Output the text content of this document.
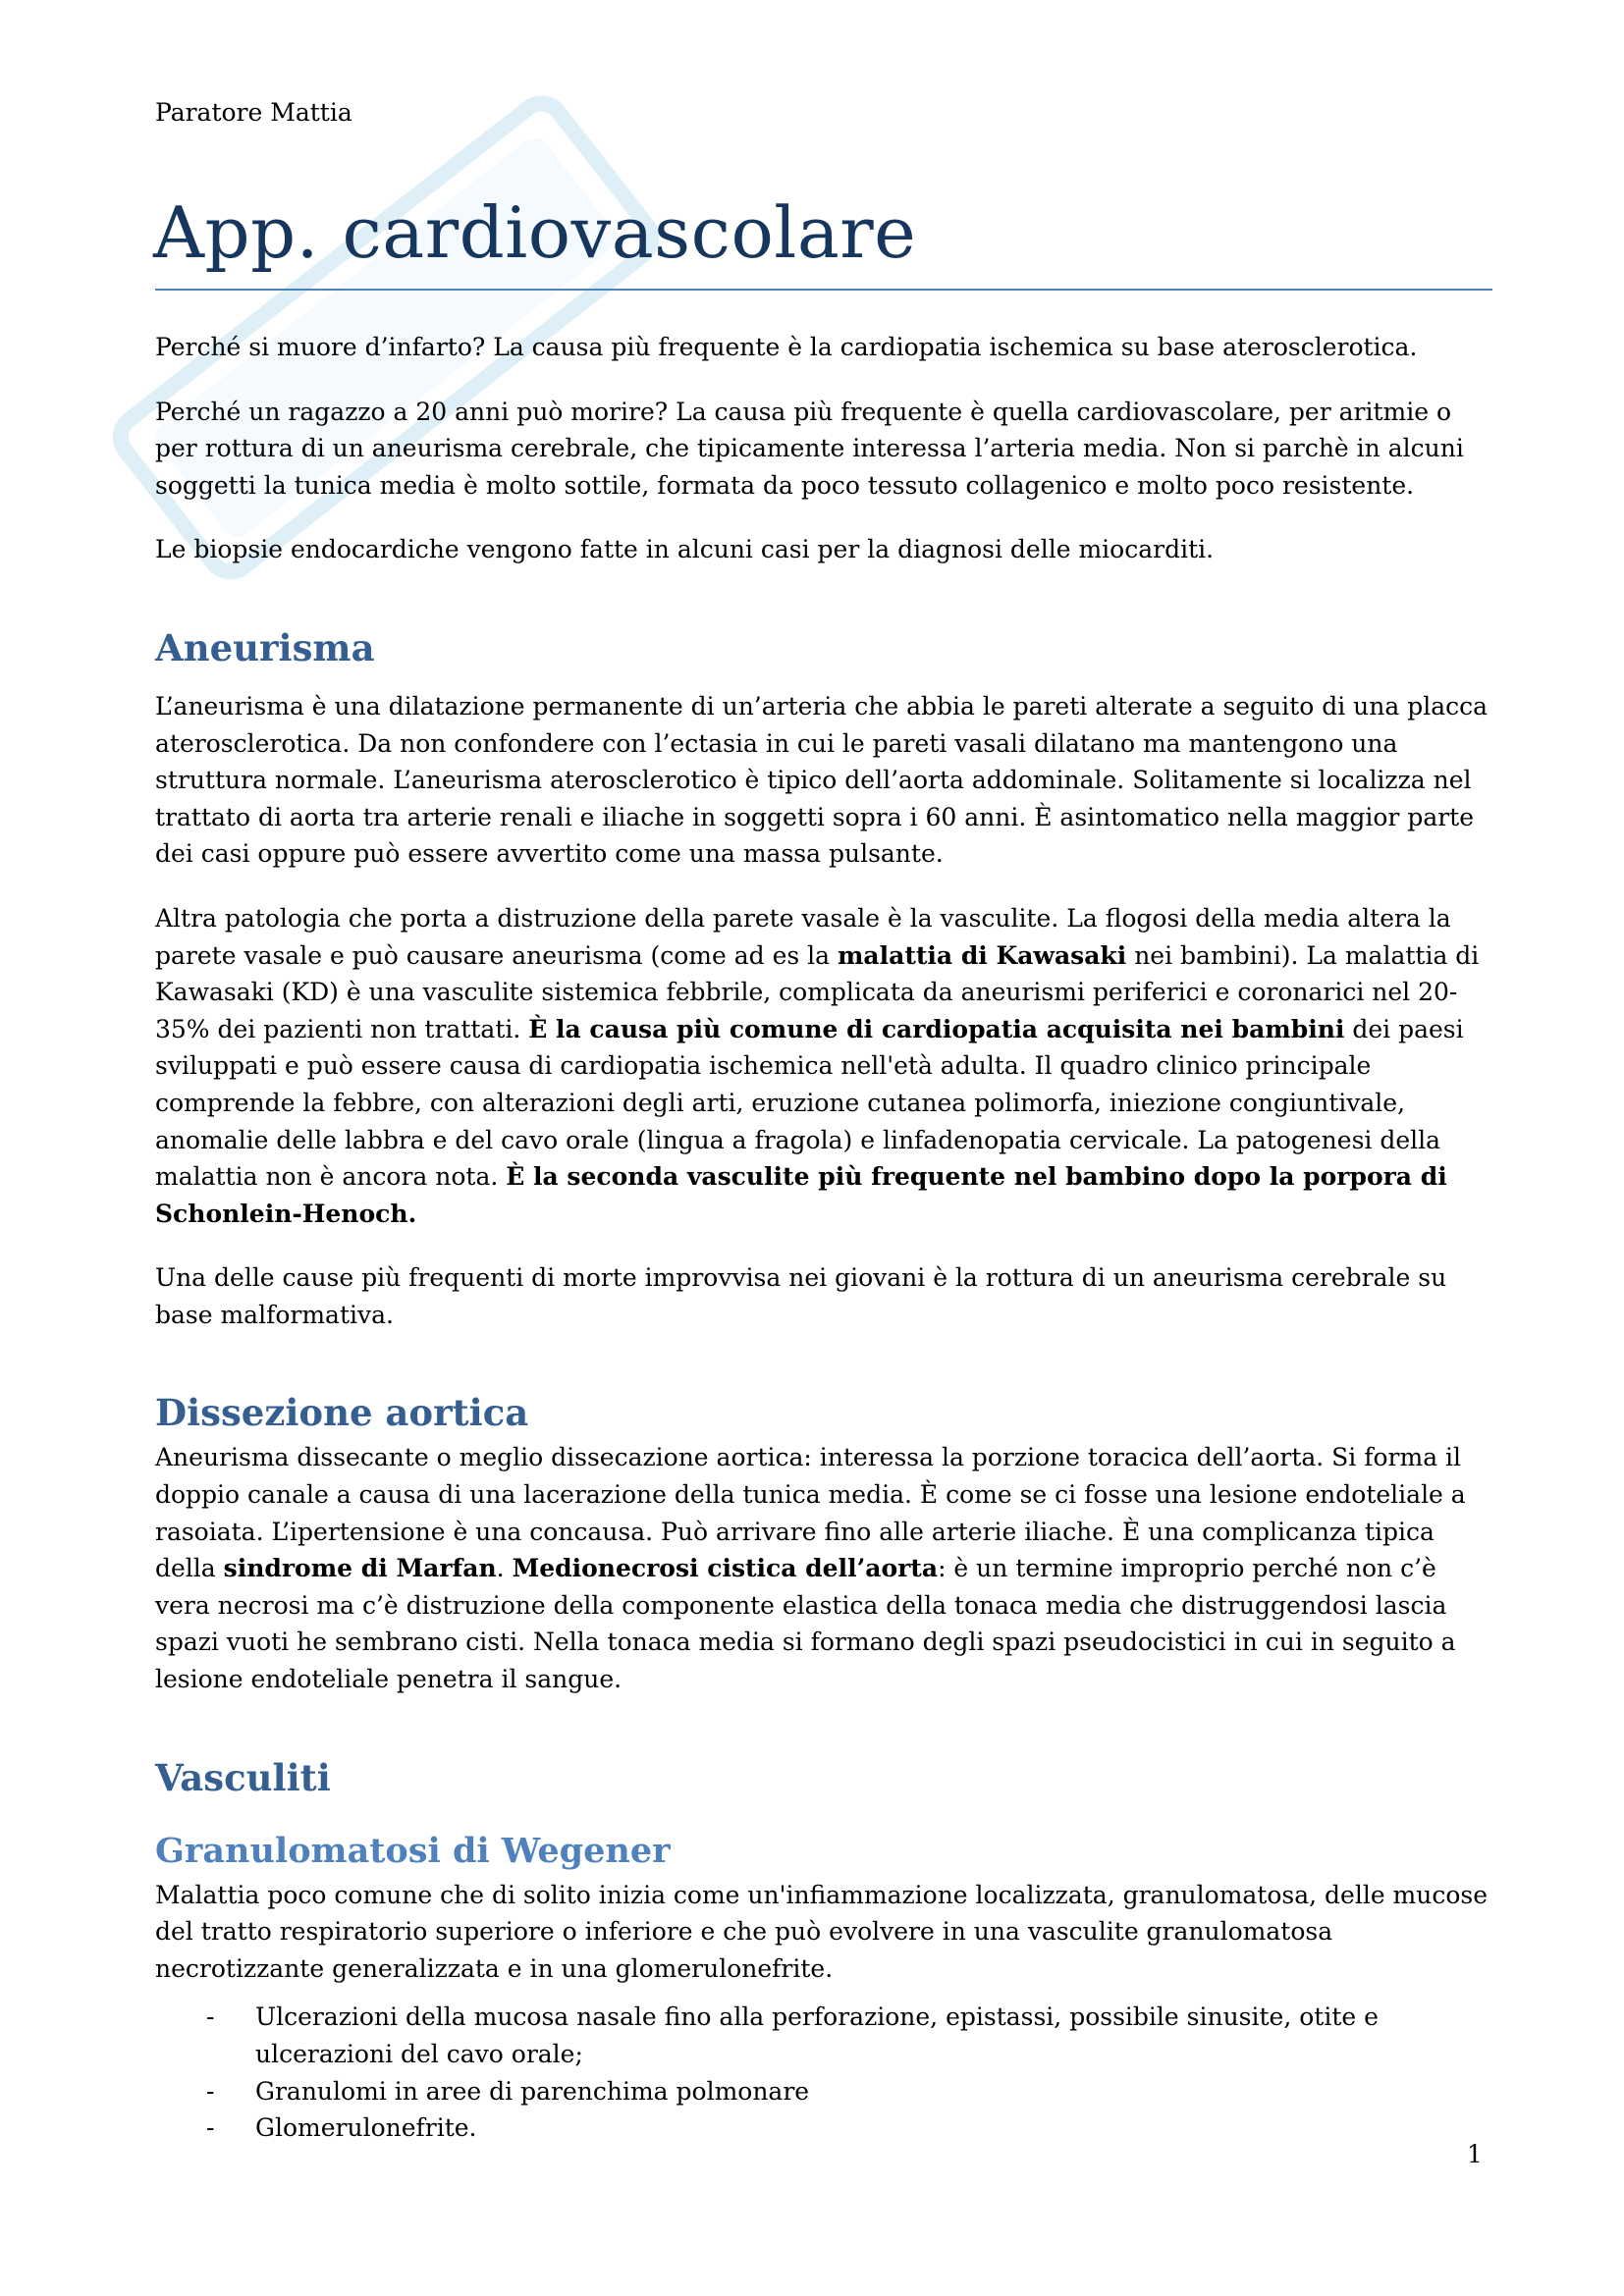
Paratore Mattia
App. cardiovascolare

Perché si muore d’infarto? La causa più frequente è la cardiopatia ischemica su base aterosclerotica.

Perché un ragazzo a 20 anni può morire? La causa più frequente è quella cardiovascolare, per aritmie o per rottura di un aneurisma cerebrale, che tipicamente interessa l’arteria media. Non si parchè in alcuni soggetti la tunica media è molto sottile, formata da poco tessuto collagenico e molto poco resistente.

Le biopsie endocardiche vengono fatte in alcuni casi per la diagnosi delle miocarditi.

Aneurisma

L’aneurisma è una dilatazione permanente di un’arteria che abbia le pareti alterate a seguito di una placca aterosclerotica. Da non confondere con l’ectasia in cui le pareti vasali dilatano ma mantengono una struttura normale. L’aneurisma aterosclerotico è tipico dell’aorta addominale. Solitamente si localizza nel trattato di aorta tra arterie renali e iliache in soggetti sopra i 60 anni. È asintomatico nella maggior parte dei casi oppure può essere avvertito come una massa pulsante.

Altra patologia che porta a distruzione della parete vasale è la vasculite. La flogosi della media altera la parete vasale e può causare aneurisma (come ad es la malattia di Kawasaki nei bambini). La malattia di Kawasaki (KD) è una vasculite sistemica febbrile, complicata da aneurismi periferici e coronarici nel 20-35% dei pazienti non trattati. È la causa più comune di cardiopatia acquisita nei bambini dei paesi sviluppati e può essere causa di cardiopatia ischemica nell'età adulta. Il quadro clinico principale comprende la febbre, con alterazioni degli arti, eruzione cutanea polimorfa, iniezione congiuntivale, anomalie delle labbra e del cavo orale (lingua a fragola) e linfadenopatia cervicale. La patogenesi della malattia non è ancora nota. È la seconda vasculite più frequente nel bambino dopo la porpora di Schonlein-Henoch.

Una delle cause più frequenti di morte improvvisa nei giovani è la rottura di un aneurisma cerebrale su base malformativa.

Dissezione aortica

Aneurisma dissecante o meglio dissecazione aortica: interessa la porzione toracica dell’aorta. Si forma il doppio canale a causa di una lacerazione della tunica media. È come se ci fosse una lesione endoteliale a rasoiata. L’ipertensione è una concausa. Può arrivare fino alle arterie iliache. È una complicanza tipica della sindrome di Marfan. Medionecrosi cistica dell’aorta: è un termine improprio perché non c’è vera necrosi ma c’è distruzione della componente elastica della tonaca media che distruggendosi lascia spazi vuoti he sembrano cisti. Nella tonaca media si formano degli spazi pseudocistici in cui in seguito a lesione endoteliale penetra il sangue.

Vasculiti
Granulomatosi di Wegener

Malattia poco comune che di solito inizia come un'infiammazione localizzata, granulomatosa, delle mucose del tratto respiratorio superiore o inferiore e che può evolvere in una vasculite granulomatosa necrotizzante generalizzata e in una glomerulonefrite.

- Ulcerazioni della mucosa nasale fino alla perforazione, epistassi, possibile sinusite, otite e ulcerazioni del cavo orale;
- Granulomi in aree di parenchima polmonare
- Glomerulonefrite.
1
